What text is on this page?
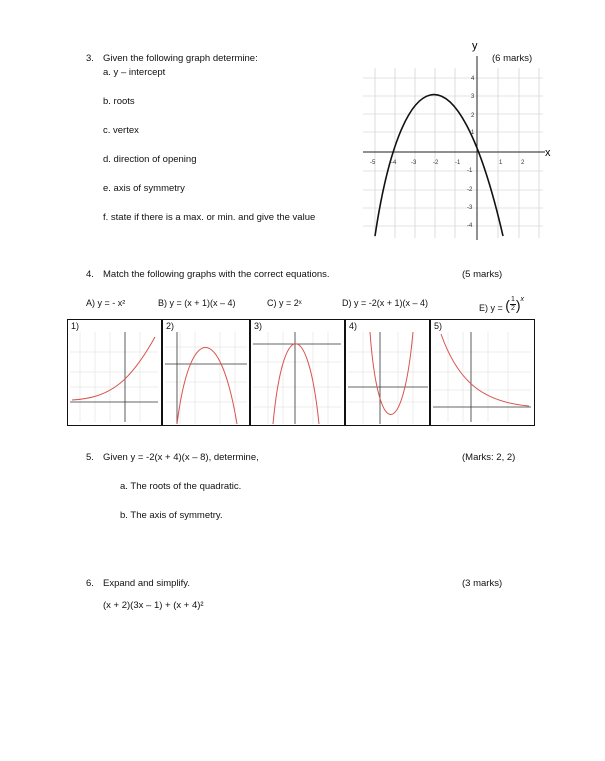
3. Given the following graph determine:	(6 marks)
a. y – intercept
b. roots
c. vertex
d. direction of opening
e. axis of symmetry
f. state if there is a max. or min. and give the value
y
x
-5	-4 -3	-2	-1	1	2
4
3
2
1
-1
-2
-3
-4
4. Match the following graphs with the correct equations.	(5 marks)
A) y = - x²	B) y = (x + 1)(x – 4)	C) y = 2ˣ	D) y = -2(x + 1)(x – 4)	E) y = ( $\frac{1}{2} )^x$
1)	2)	3)	4)	5)
5. Given y = -2(x + 4)(x – 8), determine,	(Marks: 2, 2)
a. The roots of the quadratic.
b. The axis of symmetry.
6. Expand and simplify.	(3 marks)
(x + 2)(3x – 1) + (x + 4)²
